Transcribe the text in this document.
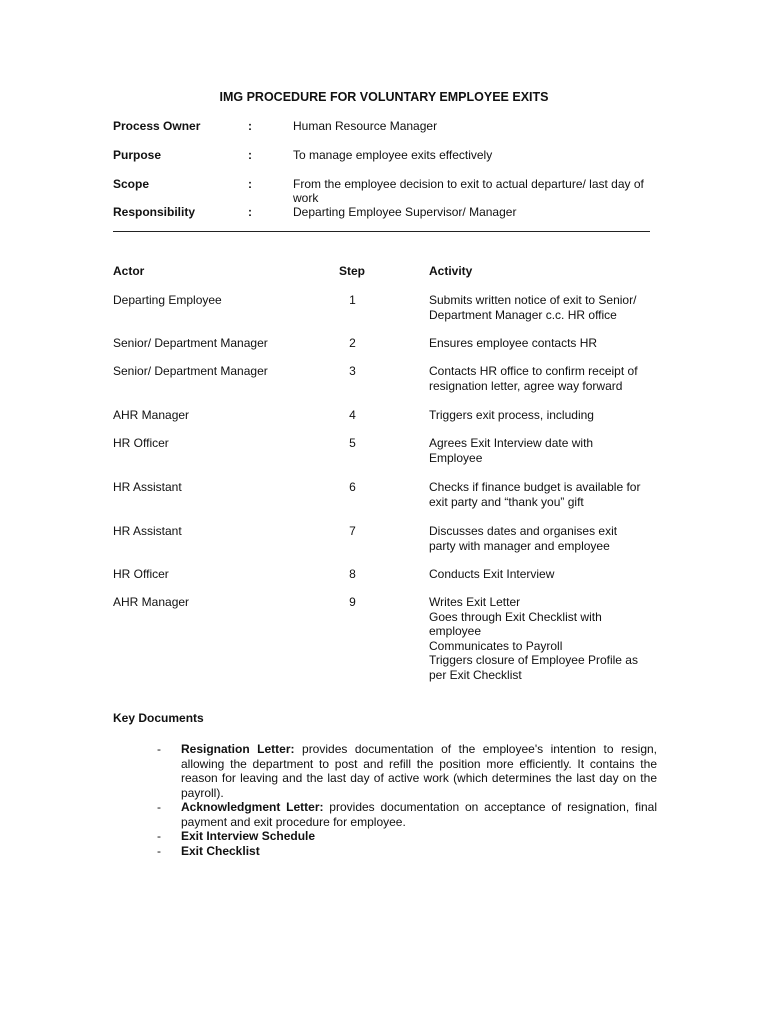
IMG PROCEDURE FOR VOLUNTARY EMPLOYEE EXITS
Process Owner	:	Human Resource Manager
Purpose	:	To manage employee exits effectively
Scope	:	From the employee decision to exit to actual departure/ last day of work
Responsibility	:	Departing Employee Supervisor/ Manager
Actor	Step	Activity
Departing Employee	1	Submits written notice of exit to Senior/
Department Manager c.c. HR office
Senior/ Department Manager	2	Ensures employee contacts HR
Senior/ Department Manager	3	Contacts HR office to confirm receipt of
resignation letter, agree way forward
AHR Manager	4	Triggers exit process, including
HR Officer	5	Agrees Exit Interview date with
Employee
HR Assistant	6	Checks if finance budget is available for
exit party and “thank you” gift
HR Assistant	7	Discusses dates and organises exit
party with manager and employee
HR Officer	8	Conducts Exit Interview
AHR Manager	9	Writes Exit Letter
Goes through Exit Checklist with
employee
Communicates to Payroll
Triggers closure of Employee Profile as
per Exit Checklist
Key Documents
- Resignation Letter: provides documentation of the employee's intention to resign, allowing the department to post and refill the position more efficiently. It contains the reason for leaving and the last day of active work (which determines the last day on the payroll).
- Acknowledgment Letter: provides documentation on acceptance of resignation, final payment and exit procedure for employee.
- Exit Interview Schedule
- Exit Checklist
